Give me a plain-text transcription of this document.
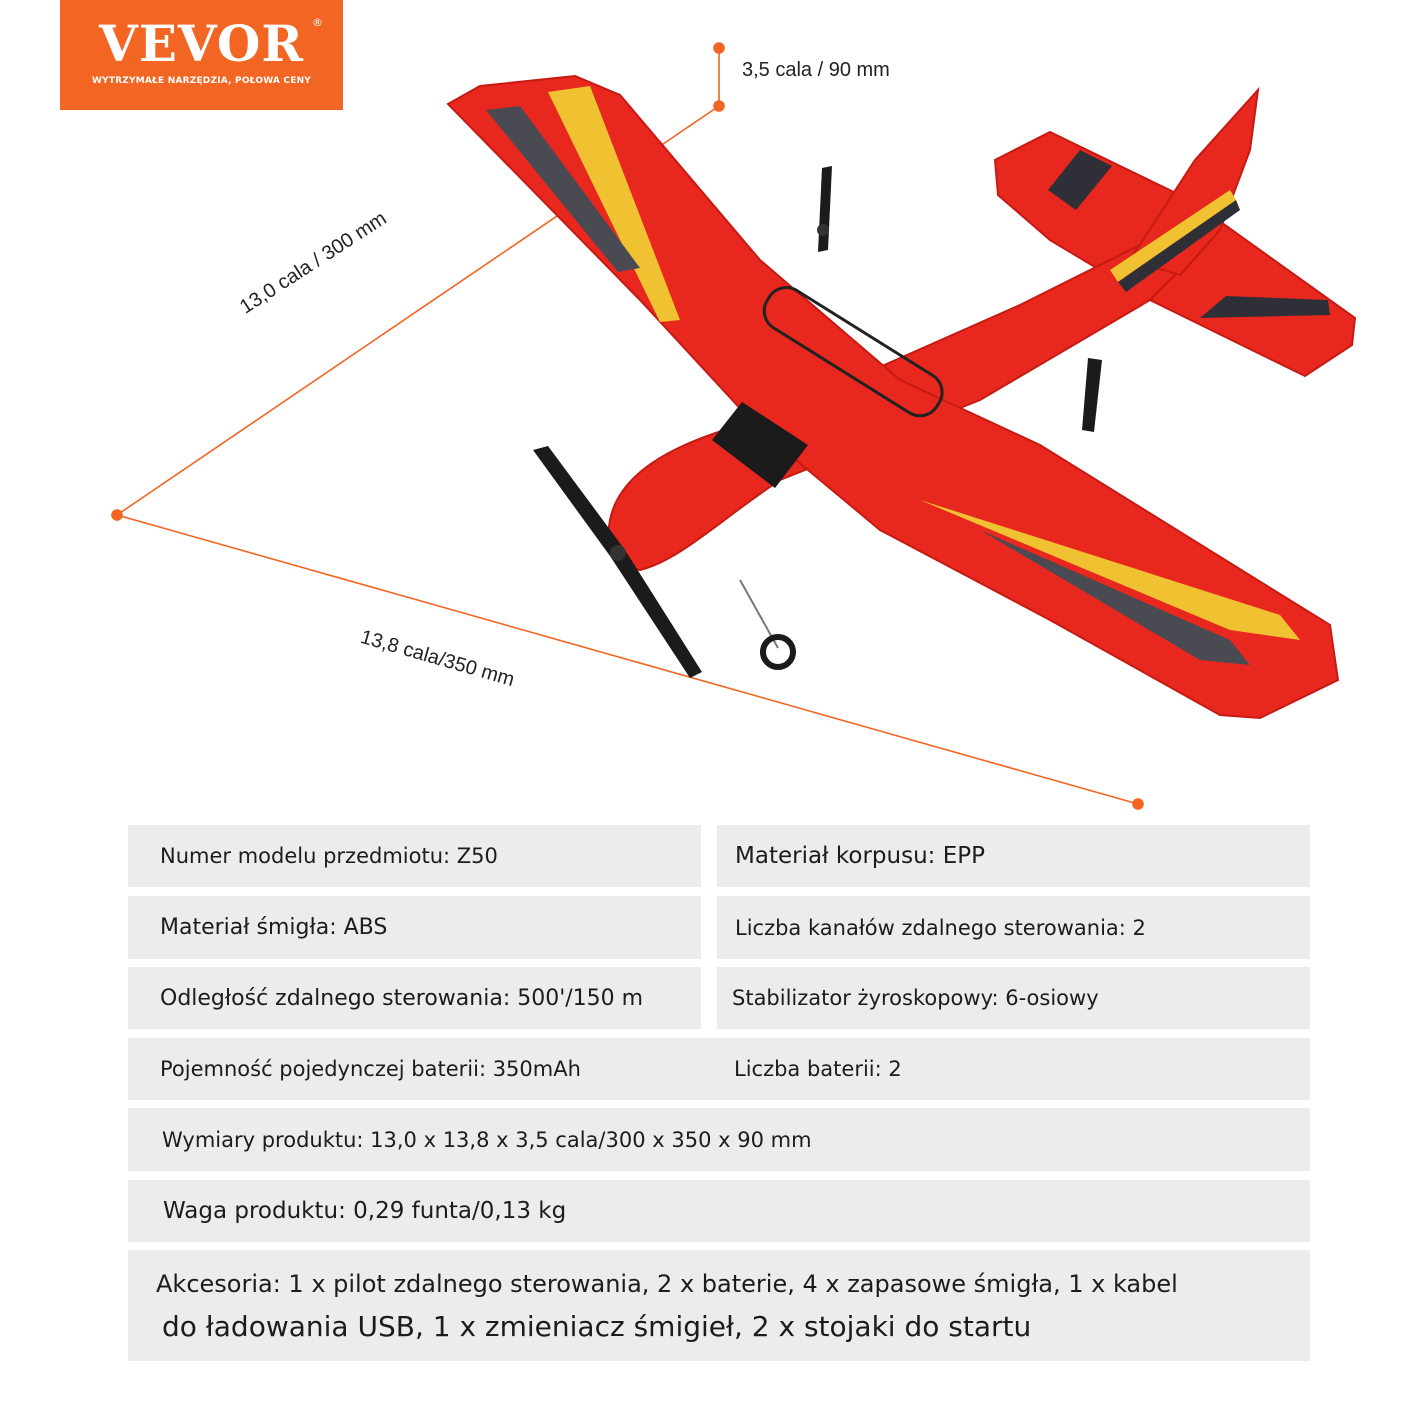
VEVOR ®
WYTRZYMAŁE NARZĘDZIA, POŁOWA CENY	3,5 cala / 90 mm
13,0 cala / 300 mm
13,8 cala/350 mm
Numer modelu przedmiotu: Z50	Materiał korpusu: EPP
Materiał śmigła: ABS	Liczba kanałów zdalnego sterowania: 2
Odległość zdalnego sterowania: 500'/150 m	Stabilizator żyroskopowy: 6-osiowy
Pojemność pojedynczej baterii: 350mAh	Liczba baterii: 2
Wymiary produktu: 13,0 x 13,8 x 3,5 cala/300 x 350 x 90 mm
Waga produktu: 0,29 funta/0,13 kg
Akcesoria: 1 x pilot zdalnego sterowania, 2 x baterie, 4 x zapasowe śmigła, 1 x kabel
do ładowania USB, 1 x zmieniacz śmigieł, 2 x stojaki do startu
